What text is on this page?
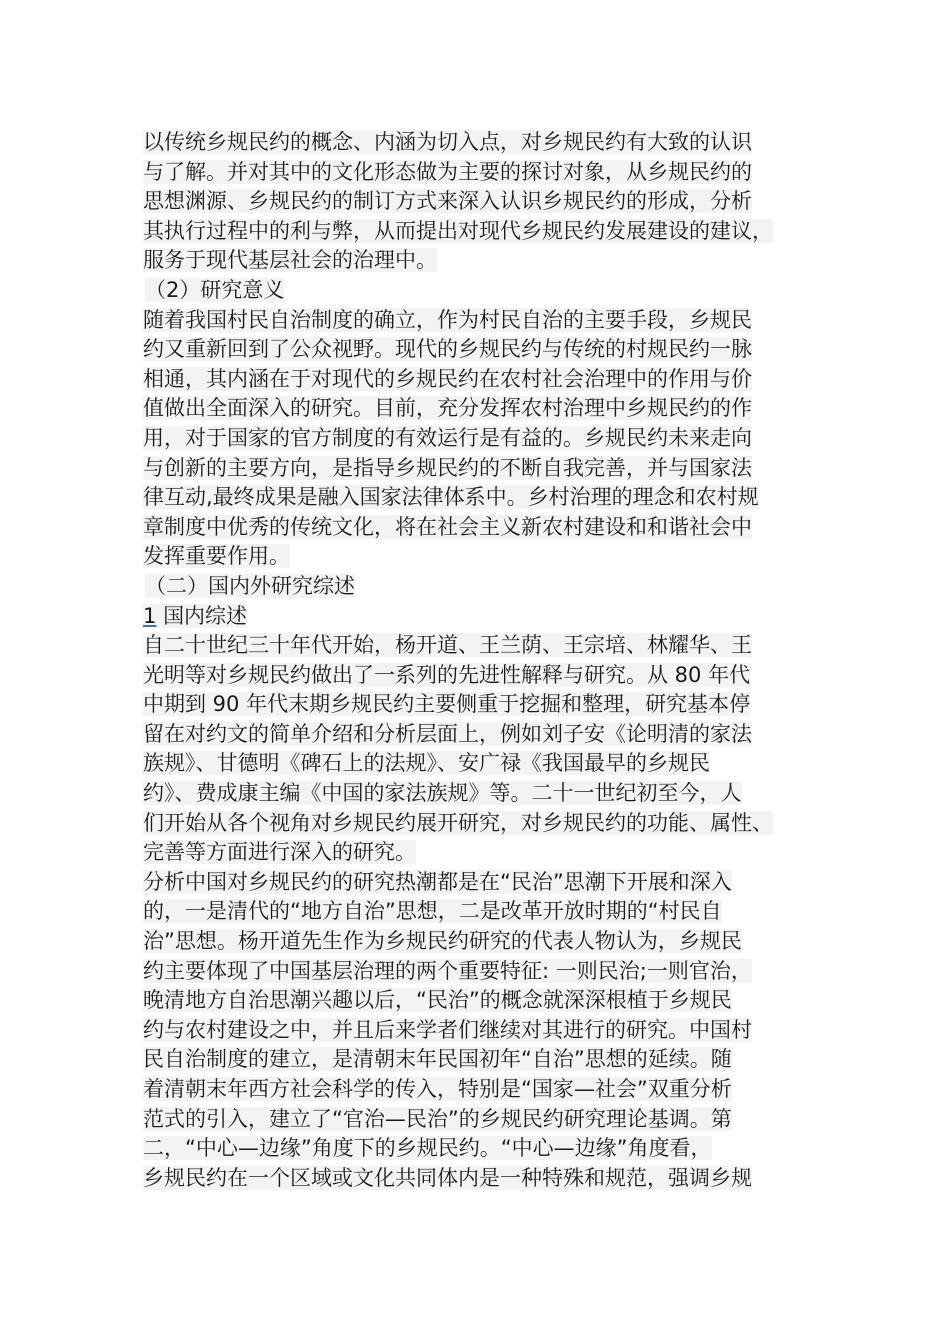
以传统乡规民约的概念、内涵为切入点，对乡规民约有大致的认识
与了解。并对其中的文化形态做为主要的探讨对象，从乡规民约的
思想渊源、乡规民约的制订方式来深入认识乡规民约的形成，分析
其执行过程中的利与弊，从而提出对现代乡规民约发展建设的建议，
服务于现代基层社会的治理中。
（2）研究意义
随着我国村民自治制度的确立，作为村民自治的主要手段，乡规民
约又重新回到了公众视野。现代的乡规民约与传统的村规民约一脉
相通，其内涵在于对现代的乡规民约在农村社会治理中的作用与价
值做出全面深入的研究。目前，充分发挥农村治理中乡规民约的作
用，对于国家的官方制度的有效运行是有益的。乡规民约未来走向
与创新的主要方向，是指导乡规民约的不断自我完善，并与国家法
律互动,最终成果是融入国家法律体系中。乡村治理的理念和农村规
章制度中优秀的传统文化，将在社会主义新农村建设和和谐社会中
发挥重要作用。
（二）国内外研究综述
1 国内综述
自二十世纪三十年代开始，杨开道、王兰荫、王宗培、林耀华、王
光明等对乡规民约做出了一系列的先进性解释与研究。从 80 年代
中期到 90 年代末期乡规民约主要侧重于挖掘和整理，研究基本停
留在对约文的简单介绍和分析层面上，例如刘子安《论明清的家法
族规》、甘德明《碑石上的法规》、安广禄《我国最早的乡规民
约》、费成康主编《中国的家法族规》等。二十一世纪初至今，人
们开始从各个视角对乡规民约展开研究，对乡规民约的功能、属性、
完善等方面进行深入的研究。
分析中国对乡规民约的研究热潮都是在“民治”思潮下开展和深入
的，一是清代的“地方自治”思想，二是改革开放时期的“村民自
治”思想。杨开道先生作为乡规民约研究的代表人物认为，乡规民
约主要体现了中国基层治理的两个重要特征: 一则民治;一则官治，
晚清地方自治思潮兴趣以后，“民治”的概念就深深根植于乡规民
约与农村建设之中，并且后来学者们继续对其进行的研究。中国村
民自治制度的建立，是清朝末年民国初年“自治”思想的延续。随
着清朝末年西方社会科学的传入，特别是“国家—社会”双重分析
范式的引入，建立了“官治—民治”的乡规民约研究理论基调。第
二，“中心—边缘”角度下的乡规民约。“中心—边缘”角度看，
乡规民约在一个区域或文化共同体内是一种特殊和规范，强调乡规
